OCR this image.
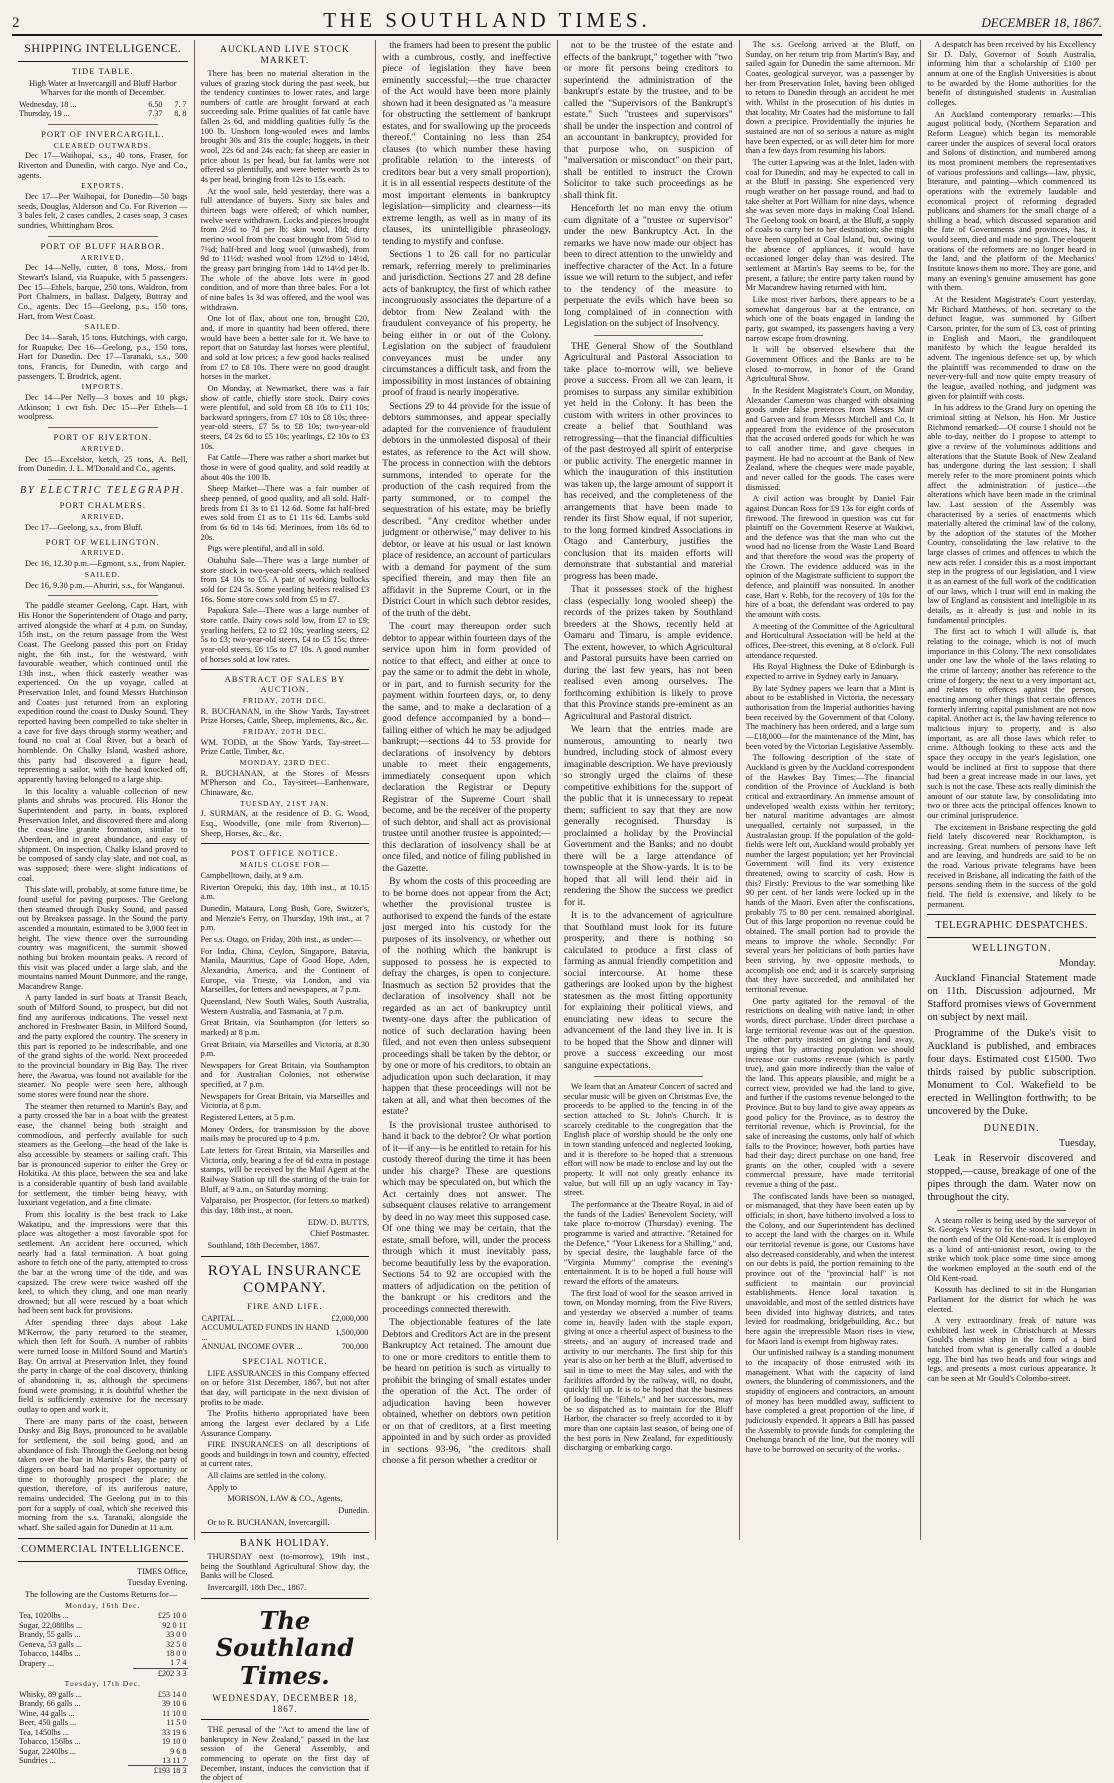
2	THE SOUTHLAND TIMES.	DECEMBER 18, 1867.
SHIPPING INTELLIGENCE.
TIDE TABLE.

High Water at Invercargill and Bluff Harbor Wharves for the month of December.

Wednesday, 18 ...	6.50	7. 7
Thursday, 19 ...	7.37	8. 8
PORT OF INVERCARGILL.
CLEARED OUTWARDS.

Dec 17—Waihopai, s.s., 40 tons, Fraser, for Riverton and Dunedin, with cargo. Nye and Co., agents.

EXPORTS.

Dec 17—Per Waihopai, for Dunedin—50 bags seeds, Douglas, Alderson and Co. For Riverton —3 bales felt, 2 cases candles, 2 cases soap, 3 cases sundries, Whittingham Bros.

PORT OF BLUFF HARBOR.
ARRIVED.

Dec 14—Nelly, cutter, 8 tons, Moss, from Stewart's Island, via Ruapuke, with 5 passengers. Dec 15—Ethels, barque, 250 tons, Waldron, from Port Chalmers, in ballast. Dalgety, Buttray and Co., agents. Dec 15—Geelong, p.s., 150 tons, Hart, from West Coast.

SAILED.

Dec 14—Sarah, 15 tons, Hutchings, with cargo, for Ruapuke. Dec 16—Geelong, p.s., 150 tons, Hart for Dunedin. Dec 17—Taranaki, s.s., 500 tons, Francis, for Dunedin, with cargo and passengers. T. Brodrick, agent.

IMPORTS.

Dec 14—Per Nelly—3 boxes and 10 pkgs, Atkinson; 1 cwt fish. Dec 15—Per Ethels—1 woolpress.

PORT OF RIVERTON.
ARRIVED.

Dec 15—Excelsior, ketch, 25 tons, A. Bell, from Dunedin. J. L. M'Donald and Co., agents.

BY ELECTRIC TELEGRAPH.
PORT CHALMERS.
ARRIVED.

Dec 17—Geelong, s.s., from Bluff.

PORT OF WELLINGTON.
ARRIVED.

Dec 16, 12.30 p.m.—Egmont, s.s., from Napier.

SAILED.

Dec 16, 9.30 p.m.—Ahuriri, s.s., for Wanganui.

The paddle steamer Geelong, Capt. Hart, with His Honor the Superintendent of Otago and party, arrived alongside the wharf at 4 p.m. on Sunday, 15th inst., on the return passage from the West Coast. The Geelong passed this port on Friday night, the 6th inst., for the westward, with favourable weather, which continued until the 13th inst., when thick easterly weather was experienced. On the up voyage, called at Preservation Inlet, and found Messrs Hutchinson and Coates just returned from an exploring expedition round the coast to Dusky Sound. They reported having been compelled to take shelter in a cave for five days through stormy weather; and found no coal at Coal River, but a beach of hornblende. On Chalky Island, washed ashore, this party had discovered a figure head, representing a sailor, with the head knocked off, apparently having belonged to a large ship.

In this locality a valuable collection of new plants and shrubs was procured. His Honor the Superintendent and party, in boats, explored Preservation Inlet, and discovered there and along the coast-line granite formation, similar to Aberdeen, and in great abundance, and easy of shipment. On inspection, Chalky Island proved to be composed of sandy clay slate, and not coal, as was supposed; there were slight indications of coal.

This slate will, probably, at some future time, be found useful for paving purposes. The Geelong then steamed through Dusky Sound, and passed out by Breaksea passage. In the Sound the party ascended a mountain, estimated to be 3,000 feet in height. The view thence over the surrounding country was magnificent, the summit showed nothing but broken mountain peaks. A record of this visit was placed under a large slab, and the mountains named Mount Dunmore, and the range, Macandrew Range.

A party landed in surf boats at Transit Beach, south of Milford Sound, to prospect, but did not find any auriferous indications. The vessel next anchored in Freshwater Basin, in Milford Sound, and the party explored the country. The scenery in this part is reported to be indescribable, and one of the grand sights of the world. Next proceeded to the provincial boundary in Big Bay. The river here, the Awarua, was found not available for the steamer. No people were seen here, although some stores were found near the shore.

The steamer then returned to Martin's Bay, and a party crossed the bar in a boat with the greatest ease, the channel being both straight and commodious, and perfectly available for such steamers as the Geelong—the head of the lake is also accessible by steamers or sailing craft. This bar is pronounced superior to either the Grey or Hokitika. At this place, between the sea and lake is a considerable quantity of bush land available for settlement, the timber being heavy, with luxuriant vegetation, and a fine climate.

From this locality is the best track to Lake Wakatipu, and the impressions were that this place was altogether a most favorable spot for settlement. An accident here occurred, which nearly had a fatal termination. A boat going ashore to fetch one of the party, attempted to cross the bar at the wrong time of the tide, and was capsized. The crew were twice washed off the keel, to which they clung, and one man nearly drowned; but all were rescued by a boat which had been sent back for provisions.

After spending three days about Lake M'Kerrow, the party returned to the steamer, which then left for South. A number of rabbits were turned loose in Milford Sound and Martin's Bay. On arrival at Preservation Inlet, they found the party in charge of the coal discovery, thinking of abandoning it, as, although the specimens found were promising, it is doubtful whether the field is sufficiently extensive for the necessary outlay to open and work it.

There are many parts of the coast, between Dusky and Big Bays, pronounced to be available for settlement, the soil being good, and an abundance of fish. Through the Geelong not being taken over the bar in Martin's Bay, the party of diggers on board had no proper opportunity or time to thoroughly prospect the place; the question, therefore, of its auriferous nature, remains undecided. The Geelong put in to this port for a supply of coal, which she received this morning from the s.s. Taranaki, alongside the wharf. She sailed again for Dunedin at 11 a.m.

COMMERCIAL INTELLIGENCE.

TIMES Office,

Tuesday Evening.

The following are the Customs Returns for—

Monday, 16th Dec.
Tea, 1020lbs ...	£25 10 0
Sugar, 22,088lbs ...	92 0 11
Brandy, 55 galls ...	33 0 0
Geneva, 53 galls ...	32 5 0
Tobacco, 144lbs ...	18 0 0
Drapery ...	1 7 4
	£202 3 3
Tuesday, 17th Dec.
Whisky, 89 galls ...	£53 14 0
Brandy, 66 galls ...	39 10 6
Wine, 44 galls ...	11 10 0
Beer, 450 galls ...	11 5 0
Tea, 1450lbs ...	33 19 6
Tobacco, 156lbs ...	19 10 0
Sugar, 2240lbs ...	9 6 8
Sundries ...	13 11 7
	£193 18 3
AUCKLAND LIVE STOCK MARKET.

There has been no material alteration in the values of grazing stock during the past week, but the tendency continues to lower rates, and large numbers of cattle are brought forward at each succeeding sale. Prime qualities of fat cattle have fallen 2s 6d, and middling qualities fully 5s the 100 lb. Unshorn long-wooled ewes and lambs brought 30s and 31s the couple; hoggets, in their wool, 22s 6d and 24s each; fat sheep are easier in price about 1s per head, but fat lambs were not offered so plentifully, and were better worth 2s to 4s per head, bringing from 12s to 15s each.

At the wool sale, held yesterday, there was a full attendance of buyers. Sixty six bales and thirteen bags were offered; of which number, twelve were withdrawn. Locks and pieces brought from 2½d to 7d per lb; skin wool, 10d; dirty merino wool from the coast brought from 5½d to 7¼d; half-bred and long wool (unwashed), from 9d to 11½d; washed wool from 12½d to 14½d, the greasy part bringing from 14d to 14½d per lb. The whole of the above lots were in good condition, and of more than three bales. For a lot of nine bales 1s 3d was offered, and the wool was withdrawn.

One lot of flax, about one ton, brought £20, and, if more in quantity had been offered, there would have been a better sale for it. We have to report that on Saturday last horses were plentiful, and sold at low prices; a few good hacks realised from £7 to £8 10s. There were no good draught horses in the market.

On Monday, at Newmarket, there was a fair show of cattle, chiefly store stock. Dairy cows were plentiful, and sold from £8 10s to £11 10s; backward springers, from £7 10s to £8 10s; three-year-old steers, £7 5s to £8 10s; two-year-old steers, £4 2s 6d to £5 10s; yearlings, £2 10s to £3 10s.

Fat Cattle—There was rather a short market but those in were of good quality, and sold readily at about 40s the 100 lb.

Sheep Market—There was a fair number of sheep penned, of good quality, and all sold. Half-breds from £1 3s to £1 12 6d. Some fat half-bred ewes sold from £1 as to £1 11s 6d. Lambs sold from 6s 6d to 14s 6d. Merinoes, from 18s 6d to 20s.

Pigs were plentiful, and all in sold.

Otahuhu Sale—There was a large number of store stock in two-year-old steers, which realised from £4 10s to £5. A pair of working bullocks sold for £24 5s. Some yearling heifers realised £3 16s. Some store cows sold from £5 to £7.

Papakura Sale—There was a large number of store cattle. Dairy cows sold low, from £7 to £9; yearling heifers, £2 to £2 10s; yearling steers, £2 5s to £3; two-year-old steers, £4 to £5 15s; three-year-old steers, £6 15s to £7 10s. A good number of horses sold at low rates.

ABSTRACT OF SALES BY AUCTION.
FRIDAY, 20TH DEC.

R. BUCHANAN, in the Show Yards, Tay-street Prize Horses, Cattle, Sheep, implements, &c., &c.

FRIDAY, 20TH DEC.

WM. TODD, at the Show Yards, Tay-street—Prize Cattle, Timber, &c.

MONDAY, 23RD DEC.

R. BUCHANAN, at the Stores of Messrs M'Pherson and Co., Tay-street—Earthenware, Chinaware, &c.

TUESDAY, 21ST JAN.

J. SURMAN, at the residence of D. G. Wood, Esq., Woodville, (one mile from Riverton)—Sheep, Horses, &c., &c.

POST OFFICE NOTICE.
MAILS CLOSE FOR—

Campbelltown, daily, at 9 a.m.

Riverton Orepuki, this day, 18th inst., at 10.15 a.m.

Dunedin, Mataura, Long Bush, Gore, Switzer's, and Menzie's Ferry, on Thursday, 19th inst., at 7 p.m.

Per s.s. Otago, on Friday, 20th inst., as under:—

For India, China, Ceylon, Singapore, Batavia, Manila, Mauritius, Cape of Good Hope, Aden, Alexandria, America, and the Continent of Europe, via Trieste, via London, and via Marseilles, for letters and newspapers, at 7 p.m.

Queensland, New South Wales, South Australia, Western Australia, and Tasmania, at 7 p.m.

Great Britain, via Southampton (for letters so marked) at 8 p.m.

Great Britain, via Marseilles and Victoria, at 8.30 p.m.

Newspapers for Great Britain, via Southampton and for Australian Colonies, not otherwise specified, at 7 p.m.

Newspapers for Great Britain, via Marseilles and Victoria, at 8 p.m.

Registered Letters, at 5 p.m.

Money Orders, for transmission by the above mails may be procured up to 4 p.m.

Late letters for Great Britain, via Marseilles and Victoria, only, bearing a fee of 6d extra in postage stamps, will be received by the Mail Agent at the Railway Station up till the starting of the train for Bluff, at 9 a.m., on Saturday morning.

Valparaiso, per Prospector, (for letters so marked) this day, 18th inst., at noon.

EDW. D. BUTTS,

Chief Postmaster.

Southland, 18th December, 1867.

ROYAL INSURANCE COMPANY.
FIRE AND LIFE.
CAPITAL ...	£2,000,000
ACCUMULATED FUNDS IN HAND ...	1,500,000
ANNUAL INCOME OVER ...	700,000
SPECIAL NOTICE.

LIFE ASSURANCES in this Company effected on or before 31st December, 1867, but not after that day, will participate in the next division of profits to be made.

The Profits hitherto appropriated have been among the largest ever declared by a Life Assurance Company.

FIRE INSURANCES on all descriptions of goods and buildings in town and country, effected at current rates.

All claims are settled in the colony.

Apply to

MORISON, LAW & CO., Agents,

Dunedin.

Or to R. BUCHANAN, Invercargill.

BANK HOLIDAY.

THURSDAY next (to-morrow), 19th inst., being the Southland Agricultural Show day, the Banks will be Closed.

Invercargill, 18th Dec., 1867.

The Southland Times.
WEDNESDAY, DECEMBER 18, 1867.

THE perusal of the "Act to amend the law of bankruptcy in New Zealand," passed in the last session of the General Assembly, and commencing to operate on the first day of December, instant, induces the conviction that if the object of

the framers had been to present the public with a cumbrous, costly, and ineffective piece of legislation they have been eminently successful;—the true character of the Act would have been more plainly shown had it been designated as "a measure for obstructing the settlement of bankrupt estates, and for swallowing up the proceeds thereof." Containing no less than 254 clauses (to which number these having profitable relation to the interests of creditors bear but a very small proportion), it is in all essential respects destitute of the most important elements in bankruptcy legislation—simplicity and clearness—its extreme length, as well as in many of its clauses, its unintelligible phraseology, tending to mystify and confuse.

Sections 1 to 26 call for no particular remark, referring merely to preliminaries and jurisdiction. Sections 27 and 28 define acts of bankruptcy, the first of which rather incongruously associates the departure of a debtor from New Zealand with the fraudulent conveyance of his property, he being either in or out of the Colony. Legislation on the subject of fraudulent conveyances must be under any circumstances a difficult task, and from the impossibility in most instances of obtaining proof of fraud is nearly inoperative.

Sections 29 to 44 provide for the issue of debtors summonses, and appear specially adapted for the convenience of fraudulent debtors in the unmolested disposal of their estates, as reference to the Act will show. The process in connection with the debtors summons, intended to operate for the production of the cash required from the party summoned, or to compel the sequestration of his estate, may be briefly described. "Any creditor whether under judgment or otherwise," may deliver to his debtor, or leave at his usual or last known place of residence, an account of particulars with a demand for payment of the sum specified therein, and may then file an affidavit in the Supreme Court, or in the District Court in which such debtor resides, of the truth of the debt.

The court may thereupon order such debtor to appear within fourteen days of the service upon him in form provided of notice to that effect, and either at once to pay the same or to admit the debt in whole, or in part, and to furnish security for the payment within fourteen days, or, to deny the same, and to make a declaration of a good defence accompanied by a bond—failing either of which he may be adjudged bankrupt;—sections 44 to 53 provide for declarations of insolvency by debtors unable to meet their engagements, immediately consequent upon which declaration the Registrar or Deputy Registrar of the Supreme Court shall become, and be the receiver of the property of such debtor, and shall act as provisional trustee until another trustee is appointed;—this declaration of insolvency shall be at once filed, and notice of filing published in the Gazette.

By whom the costs of this proceeding are to be borne does not appear from the Act; whether the provisional trustee is authorised to expend the funds of the estate just merged into his custody for the purposes of its insolvency, or whether out of the nothing which the bankrupt is supposed to possess he is expected to defray the charges, is open to conjecture. Inasmuch as section 52 provides that the declaration of insolvency shall not be regarded as an act of bankruptcy until twenty-one days after the publication of notice of such declaration having been filed, and not even then unless subsequent proceedings shall be taken by the debtor, or by one or more of his creditors, to obtain an adjudication upon such declaration, it may happen that these proceedings will not be taken at all, and what then becomes of the estate?

Is the provisional trustee authorised to hand it back to the debtor? Or what portion of it—if any—is he entitled to retain for his custody thereof during the time it has been under his charge? These are questions which may be speculated on, but which the Act certainly does not answer. The subsequent clauses relative to arrangement by deed in no way meet this supposed case. Of one thing we may be certain, that the estate, small before, will, under the process through which it must inevitably pass, become beautifully less by the evaporation. Sections 54 to 92 are occupied with the matters of adjudication on the petition of the bankrupt or his creditors and the proceedings connected therewith.

The objectionable features of the late Debtors and Creditors Act are in the present Bankruptcy Act retained. The amount due to one or more creditors to entitle them to be heard on petition is such as virtually to prohibit the bringing of small estates under the operation of the Act. The order of adjudication having been however obtained, whether on debtors own petition or on that of creditors, at a first meeting appointed in and by such order as provided in sections 93-96, "the creditors shall choose a fit person whether a creditor or

not to be the trustee of the estate and effects of the bankrupt," together with "two or more fit persons being creditors to superintend the administration of the bankrupt's estate by the trustee, and to be called the "Supervisors of the Bankrupt's estate." Such "trustees and supervisors" shall be under the inspection and control of an accountant in bankruptcy, provided for that purpose who, on suspicion of "malversation or misconduct" on their part, shall be entitled to instruct the Crown Solicitor to take such proceedings as he shall think fit.

Henceforth let no man envy the otium cum dignitate of a "trustee or supervisor" under the new Bankruptcy Act. In the remarks we have now made our object has been to direct attention to the unwieldy and ineffective character of the Act. In a future issue we will return to the subject, and refer to the tendency of the measure to perpetuate the evils which have been so long complained of in connection with Legislation on the subject of Insolvency.

THE General Show of the Southland Agricultural and Pastoral Association to take place to-morrow will, we believe prove a success. From all we can learn, it promises to surpass any similar exhibition yet held in the Colony. It has been the custom with writers in other provinces to create a belief that Southland was retrogressing—that the financial difficulties of the past destroyed all spirit of enterprise or public activity. The energetic manner in which the inauguration of this institution was taken up, the large amount of support it has received, and the completeness of the arrangements that have been made to render its first Show equal, if not superior, to the long formed kindred Associations in Otago and Canterbury, justifies the conclusion that its maiden efforts will demonstrate that substantial and material progress has been made.

That it possesses stock of the highest class (especially long wooled sheep) the records of the prizes taken by Southland breeders at the Shows, recently held at Oamaru and Timaru, is ample evidence. The extent, however, to which Agricultural and Pastoral pursuits have been carried on during the last few years, has not been realised even among ourselves. The forthcoming exhibition is likely to prove that this Province stands pre-eminent as an Agricultural and Pastoral district.

We learn that the entries made are numerous, amounting to nearly two hundred, including stock of almost every imaginable description. We have previously so strongly urged the claims of these competitive exhibitions for the support of the public that it is unnecessary to repeat them; sufficient to say that they are now generally recognised. Thursday is proclaimed a holiday by the Provincial Government and the Banks; and no doubt there will be a large attendance of townspeople at the Show-yards. It is to be hoped that all will lend their aid in rendering the Show the success we predict for it.

It is to the advancement of agriculture that Southland must look for its future prosperity, and there is nothing so calculated to produce a first class of farming as annual friendly competition and social intercourse. At home these gatherings are looked upon by the highest statesmen as the most fitting opportunity for explaining their political views, and enunciating new ideas to secure the advancement of the land they live in. It is to be hoped that the Show and dinner will prove a success exceeding our most sanguine expectations.

We learn that an Amateur Concert of sacred and secular music will be given on Christmas Eve, the proceeds to be applied to the fencing in of the section attached to St. John's Church. It is scarcely creditable to the congregation that the English place of worship should be the only one in town standing unfenced and neglected looking, and it is therefore to be hoped that a strenuous effort will now be made to enclose and lay out the property. It will not only greatly enhance its value, but will fill up an ugly vacancy in Tay-street.

The performance at the Theatre Royal, in aid of the funds of the Ladies' Benevolent Society, will take place to-morrow (Thursday) evening. The programme is varied and attractive. "Retained for the Defence," "Your Likeness for a Shilling," and, by special desire, the laughable farce of the "Virginia Mummy" comprise the evening's entertainment. It is to be hoped a full house will reward the efforts of the amateurs.

The first load of wool for the season arrived in town, on Monday morning, from the Five Rivers, and yesterday we observed a number of teams come in, heavily laden with the staple export, giving at once a cheerful aspect of business to the streets, and an augury of increased trade and activity to our merchants. The first ship for this year is also on her berth at the Bluff, advertised to sail in time to meet the May sales, and with the facilities afforded by the railway, will, no doubt, quickly fill up. It is to be hoped that the business of loading the "Ethels," and her successors, may be so dispatched as to maintain for the Bluff Harbor, the character so freely accorded to it by more than one captain last season, of being one of the best ports in New Zealand, for expeditiously discharging or embarking cargo.

The s.s. Geelong arrived at the Bluff, on Sunday, on her return trip from Martin's Bay, and sailed again for Dunedin the same afternoon. Mr Coates, geological surveyor, was a passenger by her from Preservation Inlet, having been obliged to return to Dunedin through an accident he met with. Whilst in the prosecution of his duties in that locality, Mr Coates had the misfortune to fall down a precipice. Providentially the injuries he sustained are not of so serious a nature as might have been expected, or as will deter him for more than a few days from resuming his labors.

The cutter Lapwing was at the Inlet, laden with coal for Dunedin, and may be expected to call in at the Bluff in passing. She experienced very rough weather on her passage round, and had to take shelter at Port William for nine days, whence she was seven more days in making Coal Island. The Geelong took on board, at the Bluff, a supply of coals to carry her to her destination; she might have been supplied at Coal Island, but, owing to the absence of appliances, it would have occasioned longer delay than was desired. The settlement at Martin's Bay seems to be, for the present, a failure; the entire party taken round by Mr Macandrew having returned with him.

Like most river harbors, there appears to be a somewhat dangerous bar at the entrance, on which one of the boats engaged in landing the party, got swamped, its passengers having a very narrow escape from drowning.

It will be observed elsewhere that the Government Offices and the Banks are to be closed to-morrow, in honor of the Grand Agricultural Show.

In the Resident Magistrate's Court, on Monday, Alexander Cameron was charged with obtaining goods under false pretences from Messrs Mair and Garven and from Messrs Mitchell and Co. It appeared from the evidence of the prosecutors that the accused ordered goods for which he was to call another time, and gave cheques in payment. He had no account at the Bank of New Zealand, where the cheques were made payable, and never called for the goods. The cases were dismissed.

A civil action was brought by Daniel Fair against Duncan Ross for £9 13s for eight cords of firewood. The firewood in question was cut for plaintiff on the Government Reserve at Waikiwi, and the defence was that the man who cut the wood had no license from the Waste Land Board and that therefore the wood was the property of the Crown. The evidence adduced was in the opinion of the Magistrate sufficient to support the defence, and plaintiff was nonsuited. In another case, Hart v. Robb, for the recovery of 10s for the hire of a boat, the defendant was ordered to pay the amount with costs.

A meeting of the Committee of the Agricultural and Horticultural Association will be held at the offices, Dee-street, this evening, at 8 o'clock. Full attendance requested.

His Royal Highness the Duke of Edinburgh is expected to arrive in Sydney early in January.

By late Sydney papers we learn that a Mint is about to be established in Victoria, the necessary authorisation from the Imperial authorities having been received by the Government of that Colony. The machinery has been ordered, and a large sum—£18,000—for the maintenance of the Mint, has been voted by the Victorian Legislative Assembly.

The following description of the state of Auckland is given by the Auckland correspondent of the Hawkes Bay Times:—The financial condition of the Province of Auckland is both critical and extraordinary. An immense amount of undeveloped wealth exists within her territory; her natural maritime advantages are almost unequalled, certainly not surpassed, in the Australasian group. If the population of the gold-fields were left out, Auckland would probably yet number the largest population; yet her Provincial Government will find its very existence threatened, owing to scarcity of cash. How is this? Firstly: Previous to the war something like 90 per cent. of her lands were locked up in the hands of the Maori. Even after the confiscations, probably 75 to 80 per cent. remained aboriginal. Out of this large proportion no revenue could be obtained. The small portion had to provide the means to improve the whole. Secondly: For several years her politicians of both parties have been striving, by two opposite methods, to accomplish one end; and it is scarcely surprising that they have succeeded, and annihilated her territorial revenue.

One party agitated for the removal of the restrictions on dealing with native land; in other words, direct purchase. Under direct purchase a large territorial revenue was out of the question. The other party insisted on giving land away, urging that by attracting population we should increase our customs revenue (which is partly true), and gain more indirectly than the value of the land. This appears plausible, and might be a correct view, provided we had the land to give, and further if the customs revenue belonged to the Province. But to buy land to give away appears as good policy for the Province, as to destroy the territorial revenue, which is Provincial, for the sake of increasing the customs, only half of which falls to the Province; however, both parties have had their day; direct purchase on one hand, free grants on the other, coupled with a severe commercial pressure, have made territorial revenue a thing of the past.

The confiscated lands have been so managed, or mismanaged, that they have been eaten up by officials; in short, have hitherto involved a loss to the Colony, and our Superintendent has declined to accept the land with the charges on it. While our territorial revenue is gone, our Customs have also decreased considerably, and when the interest on our debts is paid, the portion remaining to the province out of the "provincial half" is not sufficient to maintain our provincial establishments. Hence local taxation is unavoidable, and most of the settled districts have been divided into highway districts, and rates levied for roadmaking, bridgebuilding, &c.; but here again the irrepressible Maori rises in view, for Maori land is exempt from highway rates.

Our unfinished railway is a standing monument to the incapacity of those entrusted with its management. What with the capacity of land owners, the blundering of commissioners, and the stupidity of engineers and contractors, an amount of money has been muddled away, sufficient to have completed a great proportion of the line, if judiciously expended. It appears a Bill has passed the Assembly to provide funds for completing the Onehunga branch of the line, but the money will have to be borrowed on security of the works.

A despatch has been received by his Excellency Sir D. Daly, Governor of South Australia, informing him that a scholarship of £100 per annum at one of the English Universities is about to be awarded by the Home authorities for the benefit of distinguished students in Australian colleges.

An Auckland contemporary remarks:—This august political body, (Northern Separation and Reform League) which began its memorable career under the auspices of several local orators and Solons of distinction, and numbered among its most prominent members the representatives of various professions and callings—law, physic, literature, and painting—which commenced its operations with the extremely laudable and economical project of reforming degraded publicans and shamers for the small charge of a shilling a head, which discussed separation and the fate of Governments and provinces, has, it would seem, died and made no sign. The eloquent orations of the reformers are no longer heard in the land, and the platform of the Mechanics' Institute knows them no more. They are gone, and many an evening's genuine amusement has gone with them.

At the Resident Magistrate's Court yesterday, Mr Richard Matthews, of hon. secretary to the defunct league, was summoned by Gilbert Carson, printer, for the sum of £3, cost of printing in English and Maori, the grandiloquent manifesto by which the league heralded its advent. The ingenious defence set up, by which the plaintiff was recommended to draw on the never-very-full and now quite empty treasury of the league, availed nothing, and judgment was given for plaintiff with costs.

In his address to the Grand Jury on opening the criminal sitting at Nelson, his Hon. Mr Justice Richmond remarked:—Of course I should not be able to-day, neither do I propose to attempt to give a review of the voluminous additions and alterations that the Statute Book of New Zealand has undergone during the last session; I shall merely refer to the more prominent points which affect the administration of justice—the alterations which have been made in the criminal law. Last session of the Assembly was characterised by a series of enactments which materially altered the criminal law of the colony, by the adoption of the statutes of the Mother Country, consolidating the law relative to the large classes of crimes and offences to which the new acts refer. I consider this as a most important step in the progress of our legislation, and I view it as an earnest of the full work of the codification of our laws, which I trust will end in making the law of England as consistent and intelligible in its details, as it already is just and noble in its fundamental principles.

The first act to which I will allude is, that relating to the coinage, which is not of much importance in this Colony. The next consolidates under one law the whole of the laws relating to the crime of larceny; another has reference to the crime of forgery; the next to a very important act, and relates to offences against the person, enacting among other things that certain offences formerly inferring capital punishment are not now capital. Another act is, the law having reference to malicious injury to property, and is also important, as are all those laws which refer to crime. Although looking to these acts and the space they occupy in the year's legislation, one would be inclined at first to suppose that there had been a great increase made in our laws, yet such is not the case. These acts really diminish the amount of our statute law, by consolidating into two or three acts the principal offences known to our criminal jurisprudence.

The excitement in Brisbane respecting the gold field lately discovered near Rockhampton, is increasing. Great numbers of persons have left and are leaving, and hundreds are said to be on the road. Various private telegrams have been received in Brisbane, all indicating the faith of the persons sending them in the success of the gold field. The field is extensive, and likely to be permanent.

TELEGRAPHIC DESPATCHES.
WELLINGTON.

Monday.

Auckland Financial Statement made on 11th. Discussion adjourned. Mr Stafford promises views of Government on subject by next mail.

Programme of the Duke's visit to Auckland is published, and embraces four days. Estimated cost £1500. Two thirds raised by public subscription. Monument to Col. Wakefield to be erected in Wellington forthwith; to be uncovered by the Duke.

DUNEDIN.

Tuesday,

Leak in Reservoir discovered and stopped,—cause, breakage of one of the pipes through the dam. Water now on throughout the city.

A steam roller is being used by the surveyor of St. George's Vestry to fix the stones laid down in the north end of the Old Kent-road. It is employed as a kind of anti-unionist resort, owing to the strike which took place some time since among the workmen employed at the south end of the Old Kent-road.

Kossuth has declined to sit in the Hungarian Parliament for the district for which he was elected.

A very extraordinary freak of nature was exhibited last week in Christchurch at Messrs Gould's chemist shop in the form of a bird hatched from what is generally called a double egg. The bird has two heads and four wings and legs, and presents a most curious appearance. It can be seen at Mr Gould's Colombo-street.
